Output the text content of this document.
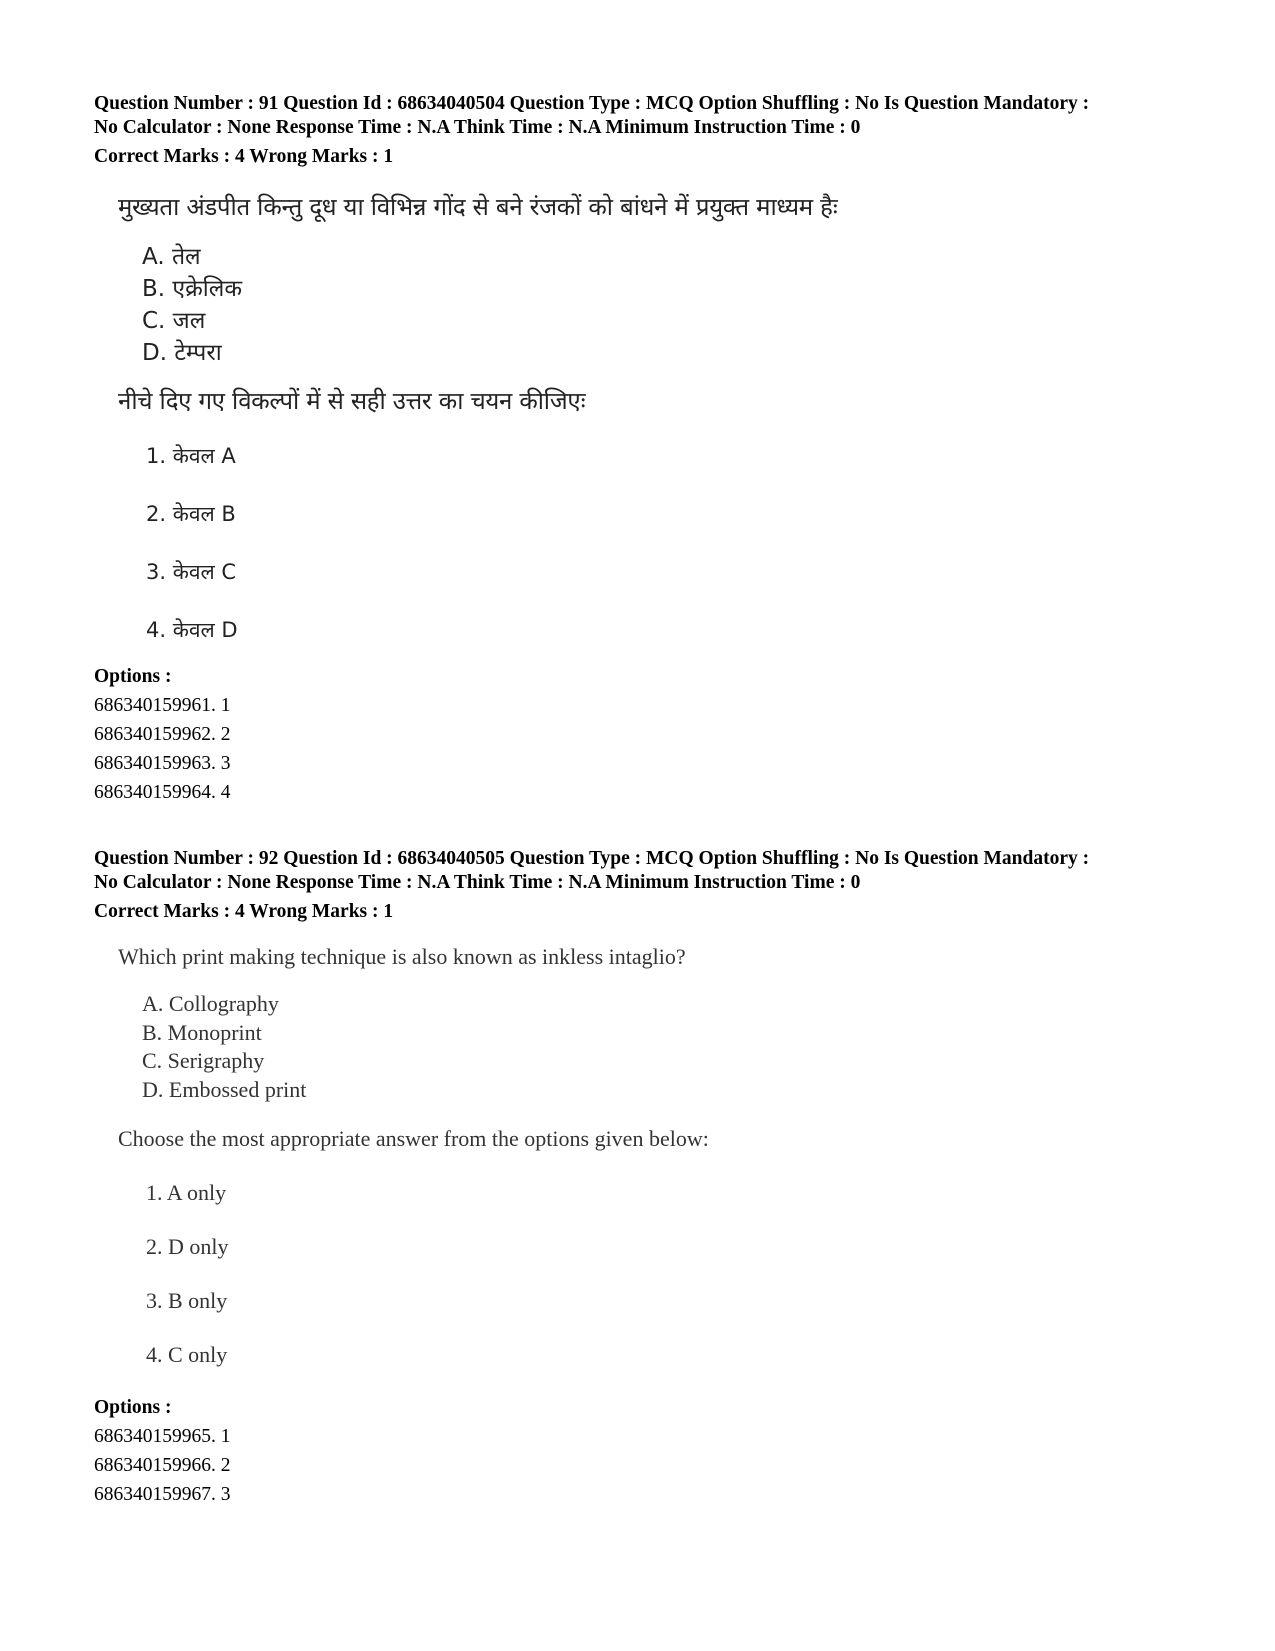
Question Number : 91 Question Id : 68634040504 Question Type : MCQ Option Shuffling : No Is Question Mandatory :
No Calculator : None Response Time : N.A Think Time : N.A Minimum Instruction Time : 0
Correct Marks : 4 Wrong Marks : 1
मुख्यता अंडपीत किन्तु दूध या विभिन्न गोंद से बने रंजकों को बांधने में प्रयुक्त माध्यम हैः
A. तेल
B. एक्रेलिक
C. जल
D. टेम्परा
नीचे दिए गए विकल्पों में से सही उत्तर का चयन कीजिएः
1. केवल A
2. केवल B
3. केवल C
4. केवल D
Options :
686340159961. 1
686340159962. 2
686340159963. 3
686340159964. 4
Question Number : 92 Question Id : 68634040505 Question Type : MCQ Option Shuffling : No Is Question Mandatory :
No Calculator : None Response Time : N.A Think Time : N.A Minimum Instruction Time : 0
Correct Marks : 4 Wrong Marks : 1
Which print making technique is also known as inkless intaglio?
A. Collography
B. Monoprint
C. Serigraphy
D. Embossed print
Choose the most appropriate answer from the options given below:
1. A only
2. D only
3. B only
4. C only
Options :
686340159965. 1
686340159966. 2
686340159967. 3
